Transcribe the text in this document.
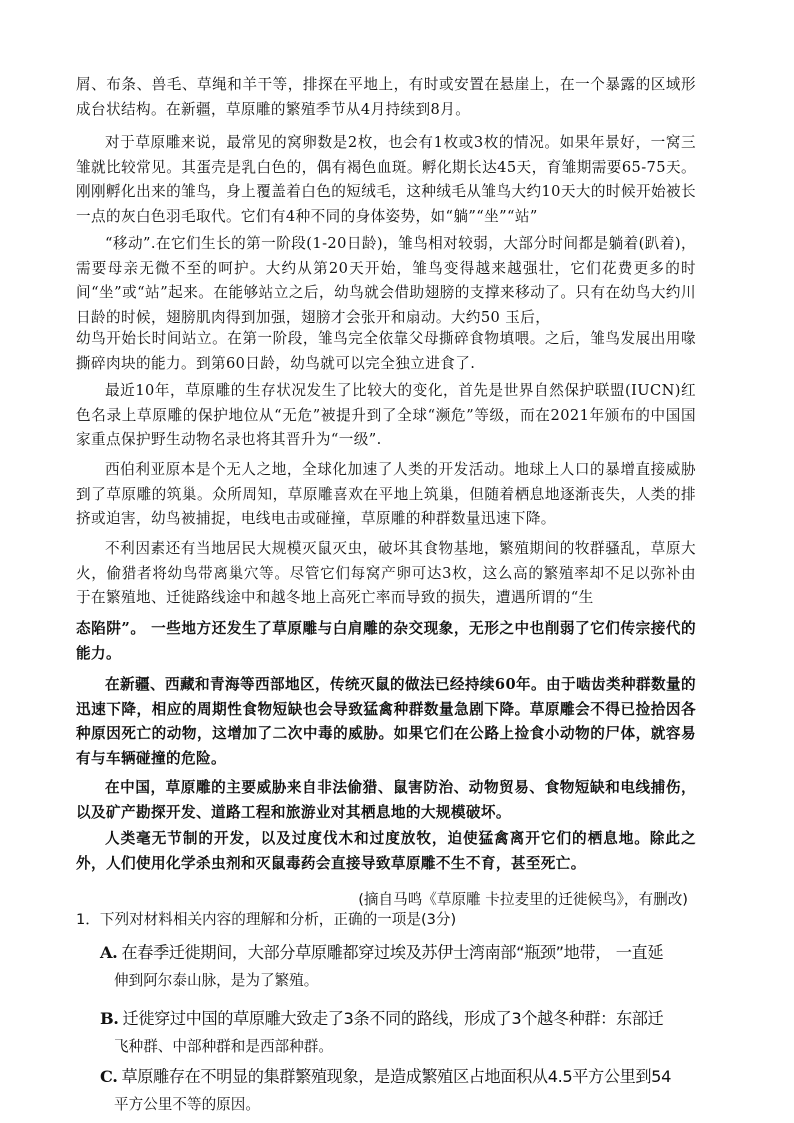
屑、布条、兽毛、草绳和羊干等，排探在平地上，有时或安置在悬崖上，在一个暴露的区域形成台状结构。在新疆，草原雕的繁殖季节从4月持续到8月。

对于草原雕来说，最常见的窝卵数是2枚，也会有1枚或3枚的情况。如果年景好，一窝三雏就比较常见。其蛋壳是乳白色的，偶有褐色血斑。孵化期长达45天，育雏期需要65-75天。刚刚孵化出来的雏鸟，身上覆盖着白色的短绒毛，这种绒毛从雏鸟大约10天大的时候开始被长一点的灰白色羽毛取代。它们有4种不同的身体姿势，如“躺”“坐”“站”

“移动”.在它们生长的第一阶段(1-20日龄)，雏鸟相对较弱，大部分时间都是躺着(趴着)，需要母亲无微不至的呵护。大约从第20天开始，雏鸟变得越来越强壮，它们花费更多的时间“坐”或“站”起来。在能够站立之后，幼鸟就会借助翅膀的支撑来移动了。只有在幼鸟大约川日龄的时候，翅膀肌肉得到加强，翅膀才会张开和扇动。大约50 玉后，

幼鸟开始长时间站立。在第一阶段，雏鸟完全依靠父母撕碎食物填喂。之后，雏鸟发展出用喙撕碎肉块的能力。到第60日龄，幼鸟就可以完全独立进食了.

最近10年，草原雕的生存状况发生了比较大的变化，首先是世界自然保护联盟(IUCN)红色名录上草原雕的保护地位从“无危”被提升到了全球“濒危”等级，而在2021年颁布的中国国家重点保护野生动物名录也将其晋升为“一级”.

西伯利亚原本是个无人之地，全球化加速了人类的开发活动。地球上人口的暴增直接威胁到了草原雕的筑巢。众所周知，草原雕喜欢在平地上筑巢，但随着栖息地逐渐丧失，人类的排挤或迫害，幼鸟被捕捉，电线电击或碰撞，草原雕的种群数量迅速下降。

不利因素还有当地居民大规模灭鼠灭虫，破坏其食物基地，繁殖期间的牧群骚乱，草原大火，偷猎者将幼鸟带离巢穴等。尽管它们每窝产卵可达3枚，这么高的繁殖率却不足以弥补由于在繁殖地、迁徙路线途中和越冬地上高死亡率而导致的损失，遭遇所谓的“生

态陷阱”。 一些地方还发生了草原雕与白肩雕的杂交现象，无形之中也削弱了它们传宗接代的能力。

在新疆、西藏和青海等西部地区，传统灭鼠的做法已经持续60年。由于啮齿类种群数量的迅速下降，相应的周期性食物短缺也会导致猛禽种群数量急剧下降。草原雕会不得已捡拾因各种原因死亡的动物，这增加了二次中毒的威胁。如果它们在公路上捡食小动物的尸体，就容易有与车辆碰撞的危险。

在中国，草原雕的主要威胁来自非法偷猎、鼠害防治、动物贸易、食物短缺和电线捕伤，以及矿产勘探开发、道路工程和旅游业对其栖息地的大规模破坏。

人类毫无节制的开发，以及过度伐木和过度放牧，迫使猛禽离开它们的栖息地。除此之外，人们使用化学杀虫剂和灭鼠毒药会直接导致草原雕不生不育，甚至死亡。

(摘自马鸣《草原雕 卡拉麦里的迁徙候鸟》，有删改)
1．下列对材料相关内容的理解和分析，正确的一项是(3分)
A. 在春季迁徙期间，大部分草原雕都穿过埃及苏伊士湾南部“瓶颈”地带， 一直延
伸到阿尔泰山脉，是为了繁殖。
B. 迁徙穿过中国的草原雕大致走了3条不同的路线，形成了3个越冬种群：东部迁
飞种群、中部种群和是西部种群。
C. 草原雕存在不明显的集群繁殖现象，是造成繁殖区占地面积从4.5平方公里到54
平方公里不等的原因。
